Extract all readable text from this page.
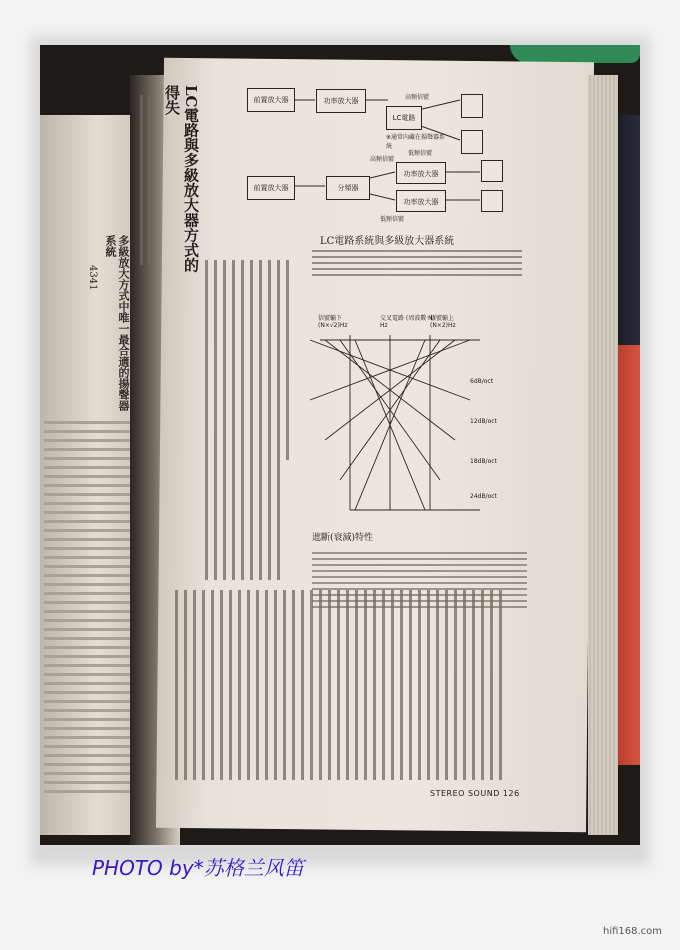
多級放大方式中唯一最合適的揚聲器系統
4341
LC電路與多級放大器方式的得失	前置放大器	功率放大器
LC電路
※通常內藏在揚聲器系統
高頻信號
低頻信號
前置放大器	分頻器
功率放大器
功率放大器
高頻信號
低頻信號
LC電路系統與多級放大器系統
信號輸下 (N×√2)Hz
交叉電路 (周波數·N) Hz
信號輸上 (N×2)Hz
6dB/oct
12dB/oct
18dB/oct
24dB/oct
遮斷(衰減)特性
STEREO SOUND 126
PHOTO by*苏格兰风笛
hifi168.com
